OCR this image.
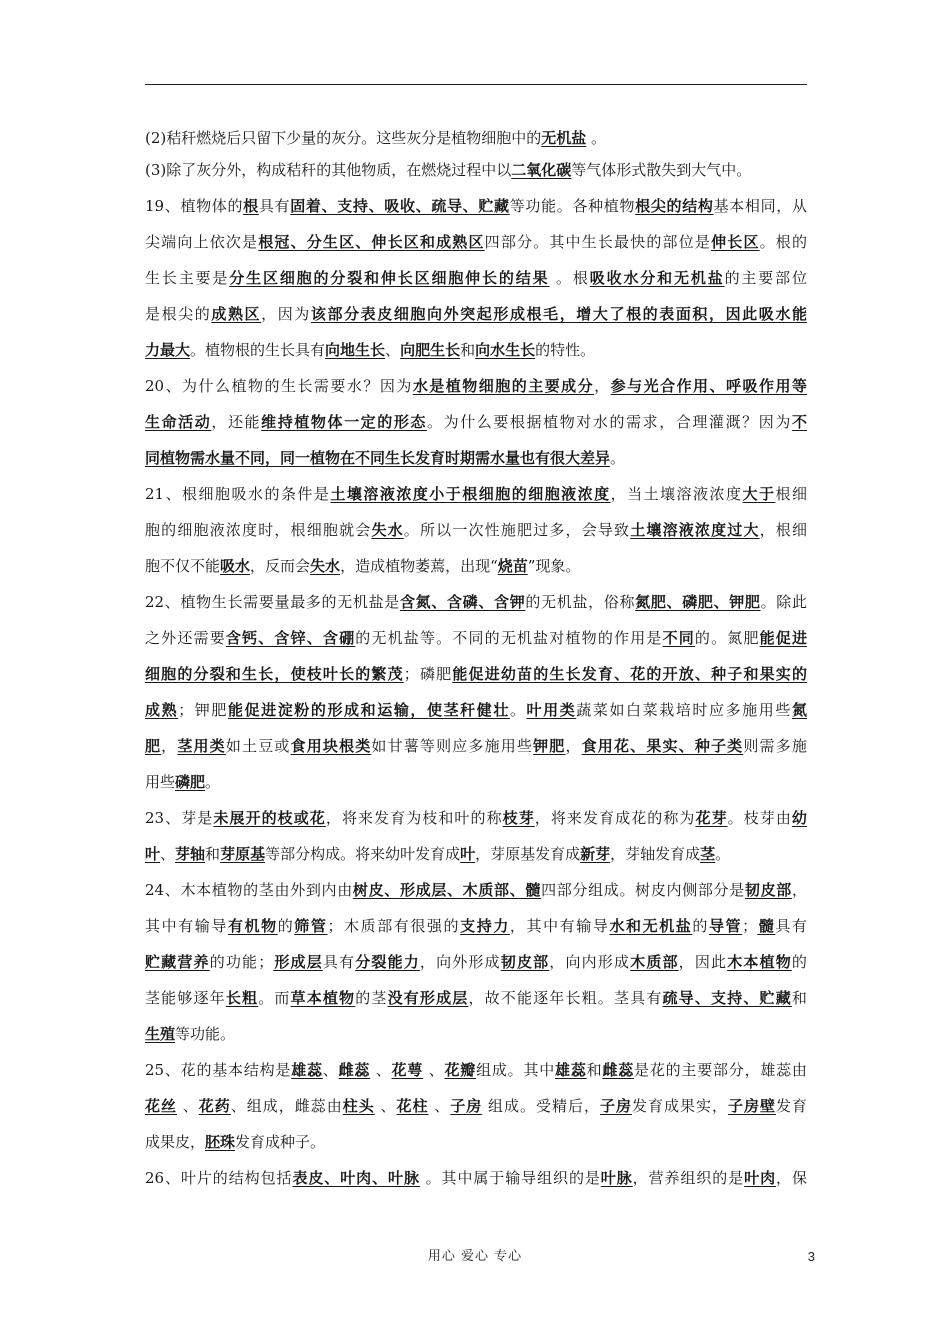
(2)秸秆燃烧后只留下少量的灰分。这些灰分是植物细胞中的无机盐 。
(3)除了灰分外，构成秸秆的其他物质，在燃烧过程中以二氧化碳等气体形式散失到大气中。
19、植物体的根具有固着、支持、吸收、疏导、贮藏等功能。各种植物根尖的结构基本相同，从
尖端向上依次是根冠、分生区、伸长区和成熟区四部分。其中生长最快的部位是伸长区。根的
生长主要是分生区细胞的分裂和伸长区细胞伸长的结果 。根吸收水分和无机盐的主要部位
是根尖的成熟区，因为该部分表皮细胞向外突起形成根毛，增大了根的表面积，因此吸水能
力最大。植物根的生长具有向地生长、向肥生长和向水生长的特性。
20、为什么植物的生长需要水？因为水是植物细胞的主要成分，参与光合作用、呼吸作用等
生命活动，还能维持植物体一定的形态。为什么要根据植物对水的需求，合理灌溉？因为不
同植物需水量不同，同一植物在不同生长发育时期需水量也有很大差异。
21、根细胞吸水的条件是土壤溶液浓度小于根细胞的细胞液浓度，当土壤溶液浓度大于根细
胞的细胞液浓度时，根细胞就会失水。所以一次性施肥过多，会导致土壤溶液浓度过大，根细
胞不仅不能吸水，反而会失水，造成植物萎蔫，出现“烧苗”现象。
22、植物生长需要量最多的无机盐是含氮、含磷、含钾的无机盐，俗称氮肥、磷肥、钾肥。除此
之外还需要含钙、含锌、含硼的无机盐等。不同的无机盐对植物的作用是不同的。氮肥能促进
细胞的分裂和生长，使枝叶长的繁茂；磷肥能促进幼苗的生长发育、花的开放、种子和果实的
成熟；钾肥能促进淀粉的形成和运输，使茎秆健壮。叶用类蔬菜如白菜栽培时应多施用些氮
肥，茎用类如土豆或食用块根类如甘薯等则应多施用些钾肥，食用花、果实、种子类则需多施
用些磷肥。
23、芽是未展开的枝或花，将来发育为枝和叶的称枝芽，将来发育成花的称为花芽。枝芽由幼
叶、芽轴和芽原基等部分构成。将来幼叶发育成叶，芽原基发育成新芽，芽轴发育成茎。
24、木本植物的茎由外到内由树皮、形成层、木质部、髓四部分组成。树皮内侧部分是韧皮部，
其中有输导有机物的筛管；木质部有很强的支持力，其中有输导水和无机盐的导管；髓具有
贮藏营养的功能；形成层具有分裂能力，向外形成韧皮部，向内形成木质部，因此木本植物的
茎能够逐年长粗。而草本植物的茎没有形成层，故不能逐年长粗。茎具有疏导、支持、贮藏和
生殖等功能。
25、花的基本结构是雄蕊、雌蕊 、花萼 、花瓣组成。其中雄蕊和雌蕊是花的主要部分，雄蕊由
花丝 、花药、组成，雌蕊由柱头 、花柱 、子房 组成。受精后，子房发育成果实，子房壁发育
成果皮，胚珠发育成种子。
26、叶片的结构包括表皮、叶肉、叶脉 。其中属于输导组织的是叶脉，营养组织的是叶肉，保
用心 爱心 专心	3
